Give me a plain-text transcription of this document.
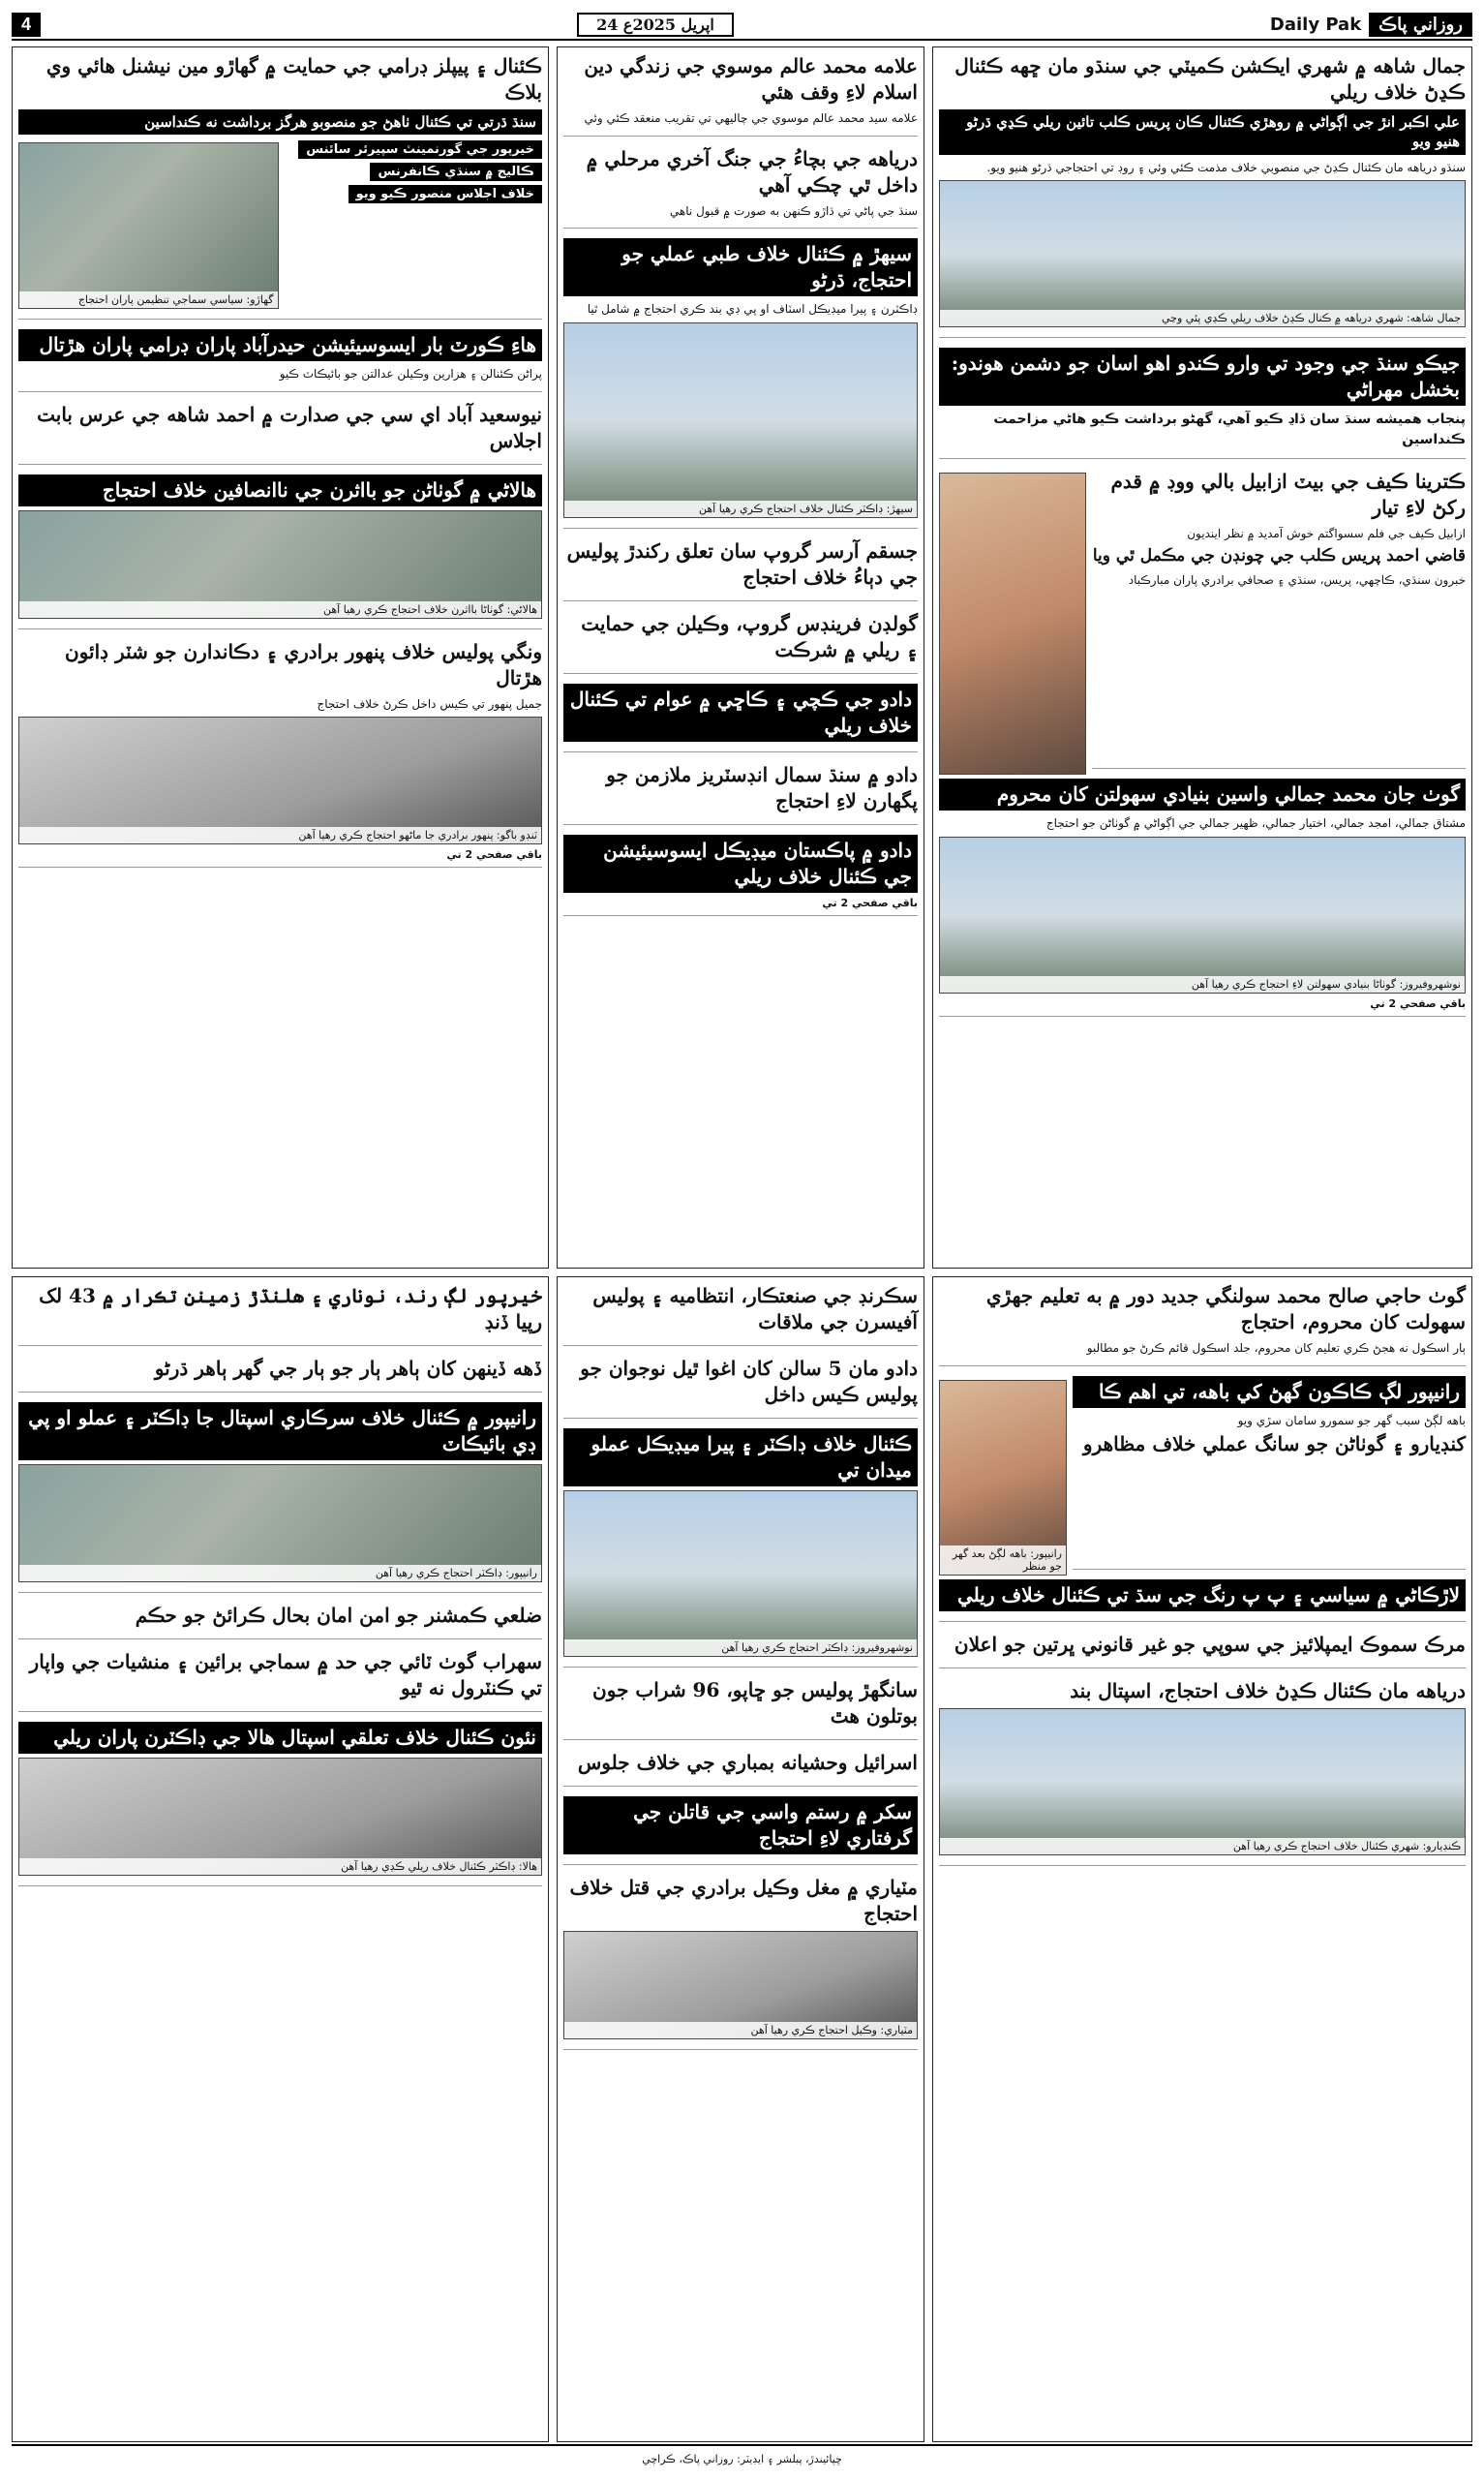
4	24 اپريل 2025ع	Daily Pak	روزاني پاڪ
جمال شاهه ۾ شهري ايڪشن ڪميٽي جي سنڌو مان ڇهه ڪئنال ڪڍڻ خلاف ريلي
علي اڪبر انڙ جي اڳواڻي ۾ روهڙي ڪئنال ڪان پريس ڪلب تائين ريلي ڪڍي ڌرڻو هنيو ويو
سنڌو درياهه مان ڪئنال ڪڍڻ جي منصوبي خلاف مذمت ڪئي وئي ۽ روڊ تي احتجاجي ڌرڻو هنيو ويو.
جمال شاهه: شهري درياهه ۾ ڪنال ڪڍڻ خلاف ريلي ڪڍي پئي وڃي
جيڪو سنڌ جي وجود تي وارو ڪندو اهو اسان جو دشمن هوندو: بخشل مهراڻي
پنجاب هميشه سنڌ سان ڏاڍ ڪيو آهي، گهڻو برداشت ڪيو هاڻي مزاحمت ڪنداسين
ڪترينا ڪيف جي بيٽ ازابيل بالي ووڊ ۾ قدم رکڻ لاءِ تيار
ازابيل ڪيف جي فلم سسواگتم خوش آمديد ۾ نظر اينديون
قاضي احمد پريس ڪلب جي چونڊن جي مڪمل ٿي ويا
خبرون سنڌي، ڪاچهي، پريس، سنڌي ۽ صحافي برادري پاران مبارڪباد
گوٺ جان محمد جمالي واسين بنيادي سهولتن کان محروم
مشتاق جمالي، امجد جمالي، اختيار جمالي، ظهير جمالي جي اڳواڻي ۾ گوٺاڻن جو احتجاج
نوشهروفيروز: گوٺاڻا بنيادي سهولتن لاءِ احتجاج ڪري رهيا آهن
باقي صفحي 2 تي
علامه محمد عالم موسوي جي زندگي دين اسلام لاءِ وقف هئي
علامه سيد محمد عالم موسوي جي چاليهي تي تقريب منعقد ڪئي وئي
درياهه جي بچاءُ جي جنگ آخري مرحلي ۾ داخل ٿي چڪي آهي
سنڌ جي پاڻي تي ڌاڙو ڪنهن به صورت ۾ قبول ناهي
سيهڙ ۾ ڪئنال خلاف طبي عملي جو احتجاج، ڌرڻو
ڊاڪٽرن ۽ پيرا ميڊيڪل اسٽاف او پي ڊي بند ڪري احتجاج ۾ شامل ٿيا
سيهڙ: ڊاڪٽر ڪئنال خلاف احتجاج ڪري رهيا آهن
جسقم آرسر گروپ سان تعلق رکندڙ پوليس جي دٻاءُ خلاف احتجاج
گولڊن فرينڊس گروپ، وڪيلن جي حمايت ۽ ريلي ۾ شرڪت
دادو جي ڪچي ۽ ڪاڇي ۾ عوام تي ڪئنال خلاف ريلي
دادو ۾ سنڌ سمال انڊسٽريز ملازمن جو پگهارن لاءِ احتجاج
دادو ۾ پاڪستان ميڊيڪل ايسوسيئيشن جي ڪئنال خلاف ريلي
باقي صفحي 2 تي
ڪئنال ۽ پيپلز ڊرامي جي حمايت ۾ گهاڙو مين نيشنل هائي وي بلاڪ
سنڌ ڌرتي تي ڪئنال ٺاهڻ جو منصوبو هرگز برداشت نه ڪنداسين
خيرپور جي گورنمينٽ سپيرئر سائنس ڪاليج ۾ سنڌي ڪانفرنس خلاف اجلاس منصور ڪيو ويو
گهاڙو: سياسي سماجي تنظيمن پاران احتجاج
هاءِ ڪورٽ بار ايسوسيئيشن حيدرآباد پاران ڊرامي پاران هڙتال
پراڻن ڪئنالن ۽ هزارين وڪيلن عدالتن جو بائيڪاٽ ڪيو
نيوسعيد آباد اي سي جي صدارت ۾ احمد شاهه جي عرس بابت اجلاس
هالاڻي ۾ گوٺاڻن جو بااثرن جي ناانصافين خلاف احتجاج
هالاڻي: گوٺاڻا بااثرن خلاف احتجاج ڪري رهيا آهن
ونگي پوليس خلاف پنهور برادري ۽ دڪاندارن جو شٽر ڊائون هڙتال
جميل پنهور تي ڪيس داخل ڪرڻ خلاف احتجاج
ٽنڊو باگو: پنهور برادري جا ماڻهو احتجاج ڪري رهيا آهن
باقي صفحي 2 تي
گوٺ حاجي صالح محمد سولنگي جديد دور ۾ به تعليم جهڙي سهولت کان محروم، احتجاج
ٻار اسڪول نه هجڻ ڪري تعليم کان محروم، جلد اسڪول قائم ڪرڻ جو مطالبو
رانيپور لڳ ڪاڪون گهڻ کي باهه، تي اهم ڪا
باهه لڳڻ سبب گهر جو سمورو سامان سڙي ويو
کنڊيارو ۽ گوٺاڻن جو سانگ عملي خلاف مظاهرو
رانيپور: باهه لڳڻ بعد گهر جو منظر
لاڙڪاڻي ۾ سياسي ۽ پ پ رنگ جي سڌ تي ڪئنال خلاف ريلي
مرڪ سموڪ ايمپلائيز جي سوپي جو غير قانوني ڀرتين جو اعلان
درياهه مان ڪئنال ڪڍڻ خلاف احتجاج، اسپتال بند
ڪنڊيارو: شهري ڪئنال خلاف احتجاج ڪري رهيا آهن
سڪرنڊ جي صنعتڪار، انتظاميه ۽ پوليس آفيسرن جي ملاقات
دادو مان 5 سالن کان اغوا ٿيل نوجوان جو پوليس ڪيس داخل
ڪئنال خلاف ڊاڪٽر ۽ پيرا ميڊيڪل عملو ميدان تي
نوشهروفيروز: ڊاڪٽر احتجاج ڪري رهيا آهن
سانگهڙ پوليس جو ڇاپو، 96 شراب جون بوتلون هٿ
اسرائيل وحشيانه بمباري جي خلاف جلوس
سکر ۾ رستم واسي جي قاتلن جي گرفتاري لاءِ احتجاج
مٽياري ۾ مغل وڪيل برادري جي قتل خلاف احتجاج
مٽياري: وڪيل احتجاج ڪري رهيا آهن
خيرپور لڳ رند، نوناري ۽ هلنڌڙ زمينن تڪرار ۾ 43 لک رپيا ڏنڊ
ڏهه ڏينهن کان ٻاهر ٻار جو ٻار جي گهر ٻاهر ڌرڻو
رانيپور ۾ ڪئنال خلاف سرڪاري اسپتال جا ڊاڪٽر ۽ عملو او پي ڊي بائيڪاٽ
رانيپور: ڊاڪٽر احتجاج ڪري رهيا آهن
ضلعي ڪمشنر جو امن امان بحال ڪرائڻ جو حڪم
سهراب گوٺ ٽائي جي حد ۾ سماجي برائين ۽ منشيات جي واپار تي ڪنٽرول نه ٿيو
نئون ڪئنال خلاف تعلقي اسپتال هالا جي ڊاڪٽرن پاران ريلي
هالا: ڊاڪٽر ڪئنال خلاف ريلي ڪڍي رهيا آهن
ڇپائيندڙ، پبلشر ۽ ايڊيٽر: روزاني پاڪ، ڪراچي
